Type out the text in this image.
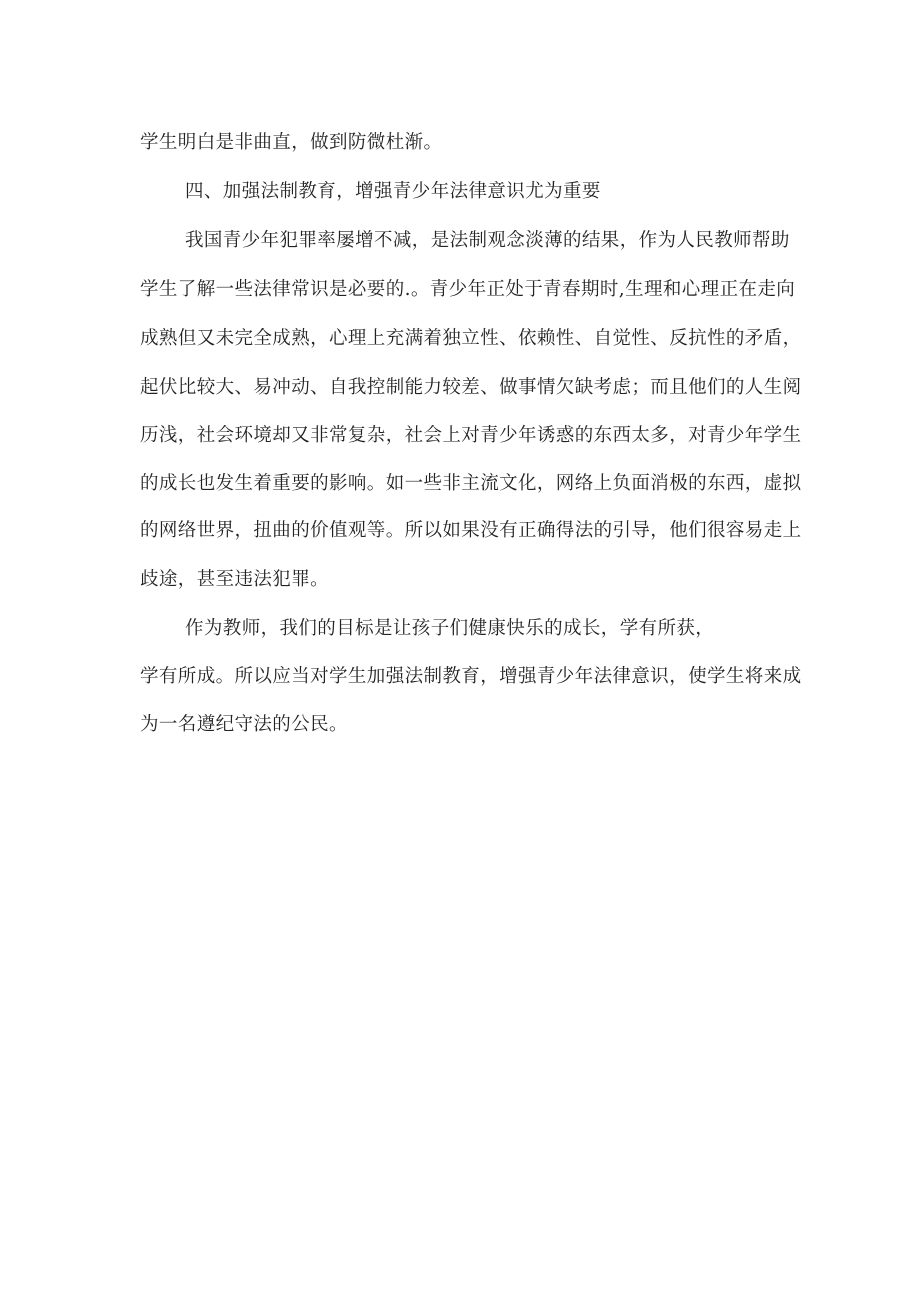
学生明白是非曲直，做到防微杜渐。
四、加强法制教育，增强青少年法律意识尤为重要
我国青少年犯罪率屡增不减，是法制观念淡薄的结果，作为人民教师帮助
学生了解一些法律常识是必要的.。青少年正处于青春期时,生理和心理正在走向
成熟但又未完全成熟，心理上充满着独立性、依赖性、自觉性、反抗性的矛盾，
起伏比较大、易冲动、自我控制能力较差、做事情欠缺考虑；而且他们的人生阅
历浅，社会环境却又非常复杂，社会上对青少年诱惑的东西太多，对青少年学生
的成长也发生着重要的影响。如一些非主流文化，网络上负面消极的东西，虚拟
的网络世界，扭曲的价值观等。所以如果没有正确得法的引导，他们很容易走上
歧途，甚至违法犯罪。
作为教师，我们的目标是让孩子们健康快乐的成长，学有所获，
学有所成。所以应当对学生加强法制教育，增强青少年法律意识，使学生将来成
为一名遵纪守法的公民。
